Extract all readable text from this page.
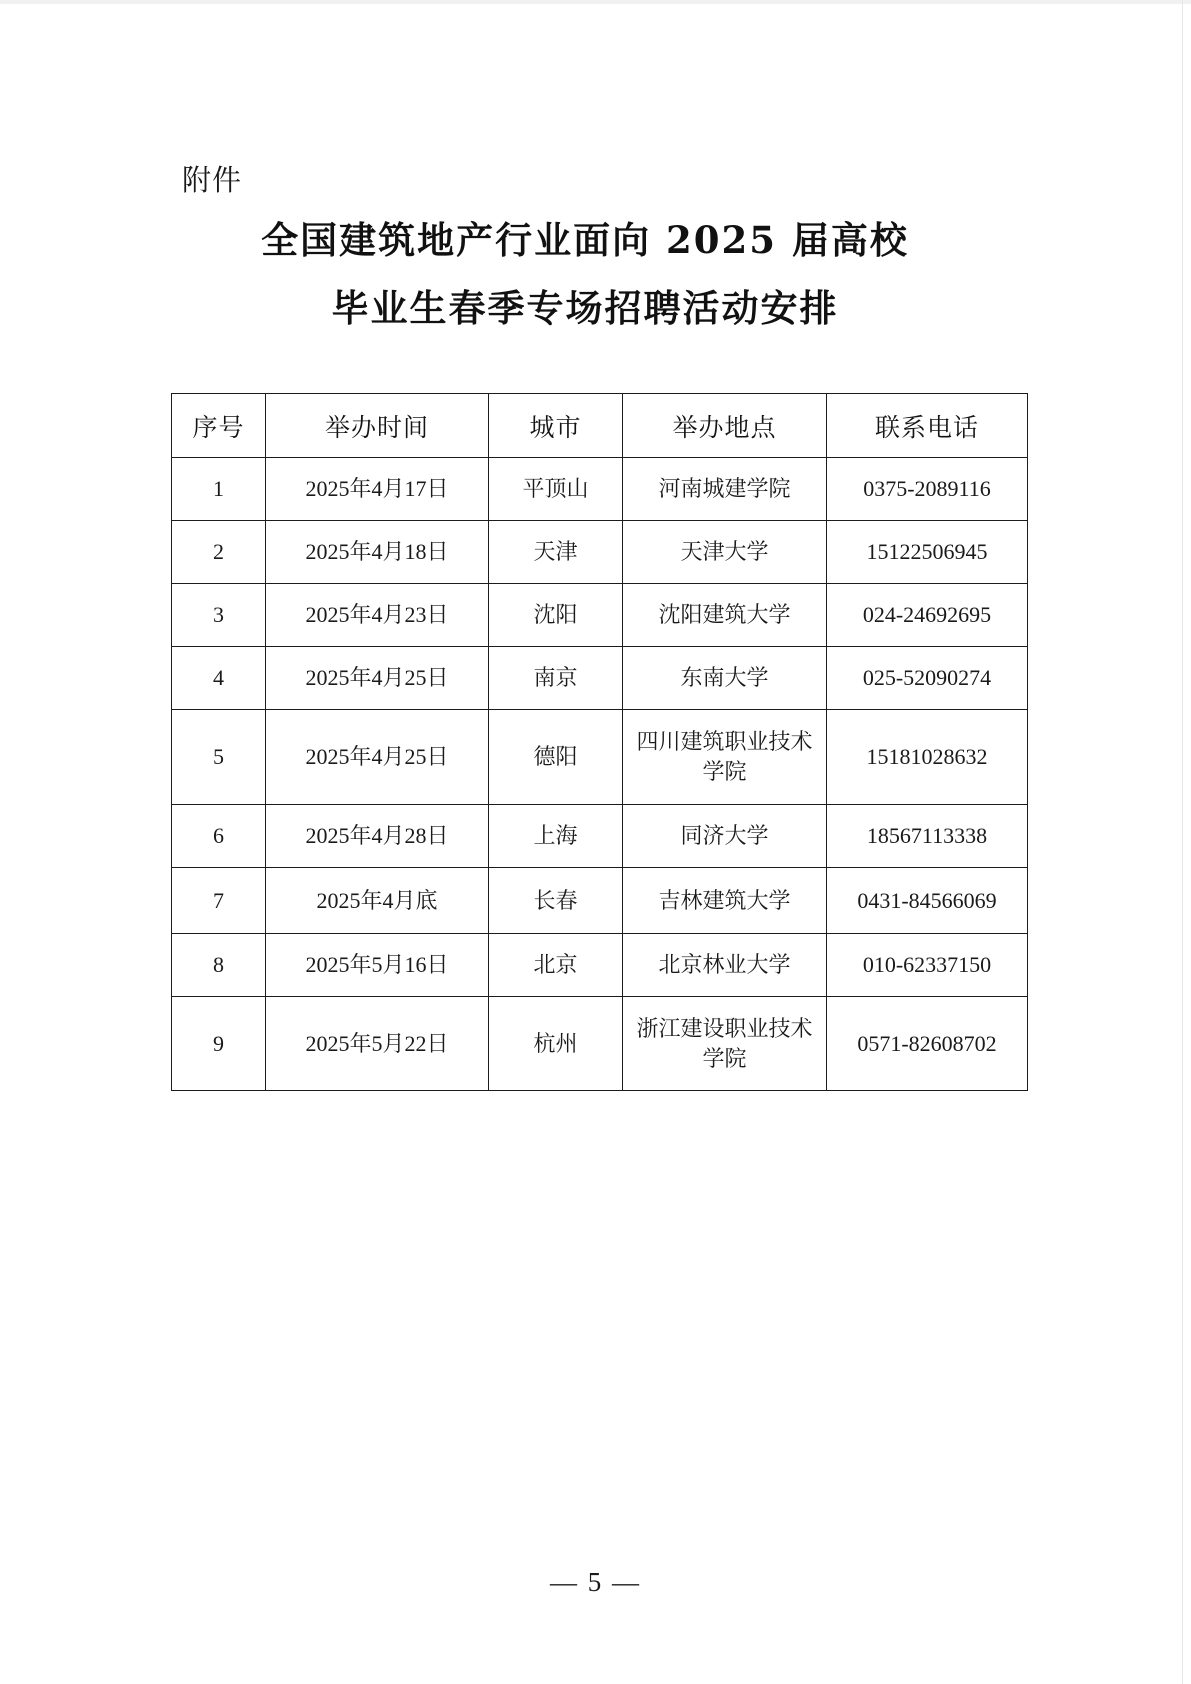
附件
全国建筑地产行业面向 2025 届高校
毕业生春季专场招聘活动安排
序号	举办时间	城市	举办地点	联系电话
1	2025年4月17日	平顶山	河南城建学院	0375-2089116
2	2025年4月18日	天津	天津大学	15122506945
3	2025年4月23日	沈阳	沈阳建筑大学	024-24692695
4	2025年4月25日	南京	东南大学	025-52090274
5	2025年4月25日	德阳	四川建筑职业技术学院	15181028632
6	2025年4月28日	上海	同济大学	18567113338
7	2025年4月底	长春	吉林建筑大学	0431-84566069
8	2025年5月16日	北京	北京林业大学	010-62337150
9	2025年5月22日	杭州	浙江建设职业技术学院	0571-82608702
— 5 —
